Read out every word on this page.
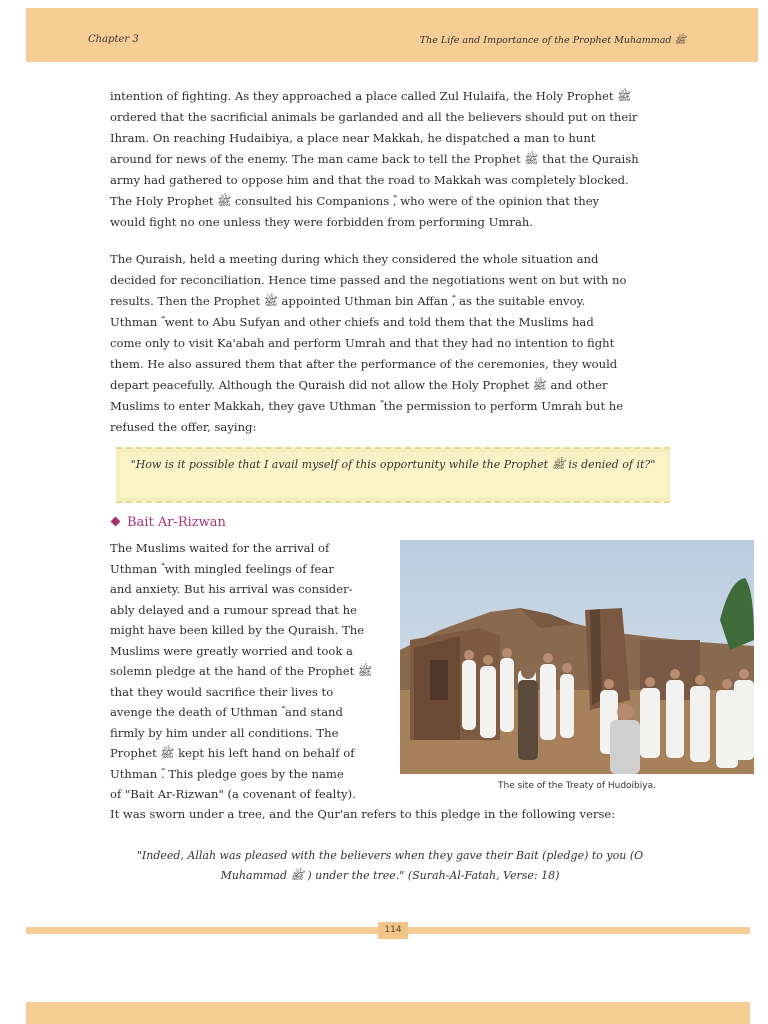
Chapter 3	The Life and Importance of the Prophet Muhammad ﷺ
intention of fighting. As they approached a place called Zul Hulaifa, the Holy Prophet ﷺ
ordered that the sacrificial animals be garlanded and all the believers should put on their
Ihram. On reaching Hudaibiya, a place near Makkah, he dispatched a man to hunt
around for news of the enemy. The man came back to tell the Prophet ﷺ that the Quraish
army had gathered to oppose him and that the road to Makkah was completely blocked.
The Holy Prophet ﷺ consulted his Companions ؓ, who were of the opinion that they
would fight no one unless they were forbidden from performing Umrah.
The Quraish, held a meeting during which they considered the whole situation and
decided for reconciliation. Hence time passed and the negotiations went on but with no
results. Then the Prophet ﷺ appointed Uthman bin Affan ؓ, as the suitable envoy.
Uthman ؓ went to Abu Sufyan and other chiefs and told them that the Muslims had
come only to visit Ka'abah and perform Umrah and that they had no intention to fight
them. He also assured them that after the performance of the ceremonies, they would
depart peacefully. Although the Quraish did not allow the Holy Prophet ﷺ and other
Muslims to enter Makkah, they gave Uthman ؓ the permission to perform Umrah but he
refused the offer, saying:
"How is it possible that I avail myself of this opportunity while the Prophet ﷺ is denied of it?"
Bait Ar-Rizwan
The Muslims waited for the arrival of
Uthman ؓ with mingled feelings of fear
and anxiety. But his arrival was consider-
ably delayed and a rumour spread that he
might have been killed by the Quraish. The
Muslims were greatly worried and took a
solemn pledge at the hand of the Prophet ﷺ
that they would sacrifice their lives to
avenge the death of Uthman ؓ and stand
firmly by him under all conditions. The
Prophet ﷺ kept his left hand on behalf of
Uthman ؓ. This pledge goes by the name
of "Bait Ar-Rizwan" (a covenant of fealty).
The site of the Treaty of Hudoibiya.
It was sworn under a tree, and the Qur'an refers to this pledge in the following verse:
"Indeed, Allah was pleased with the believers when they gave their Bait (pledge) to you (O Muhammad ﷺ ) under the tree." (Surah-Al-Fatah, Verse: 18)
114
